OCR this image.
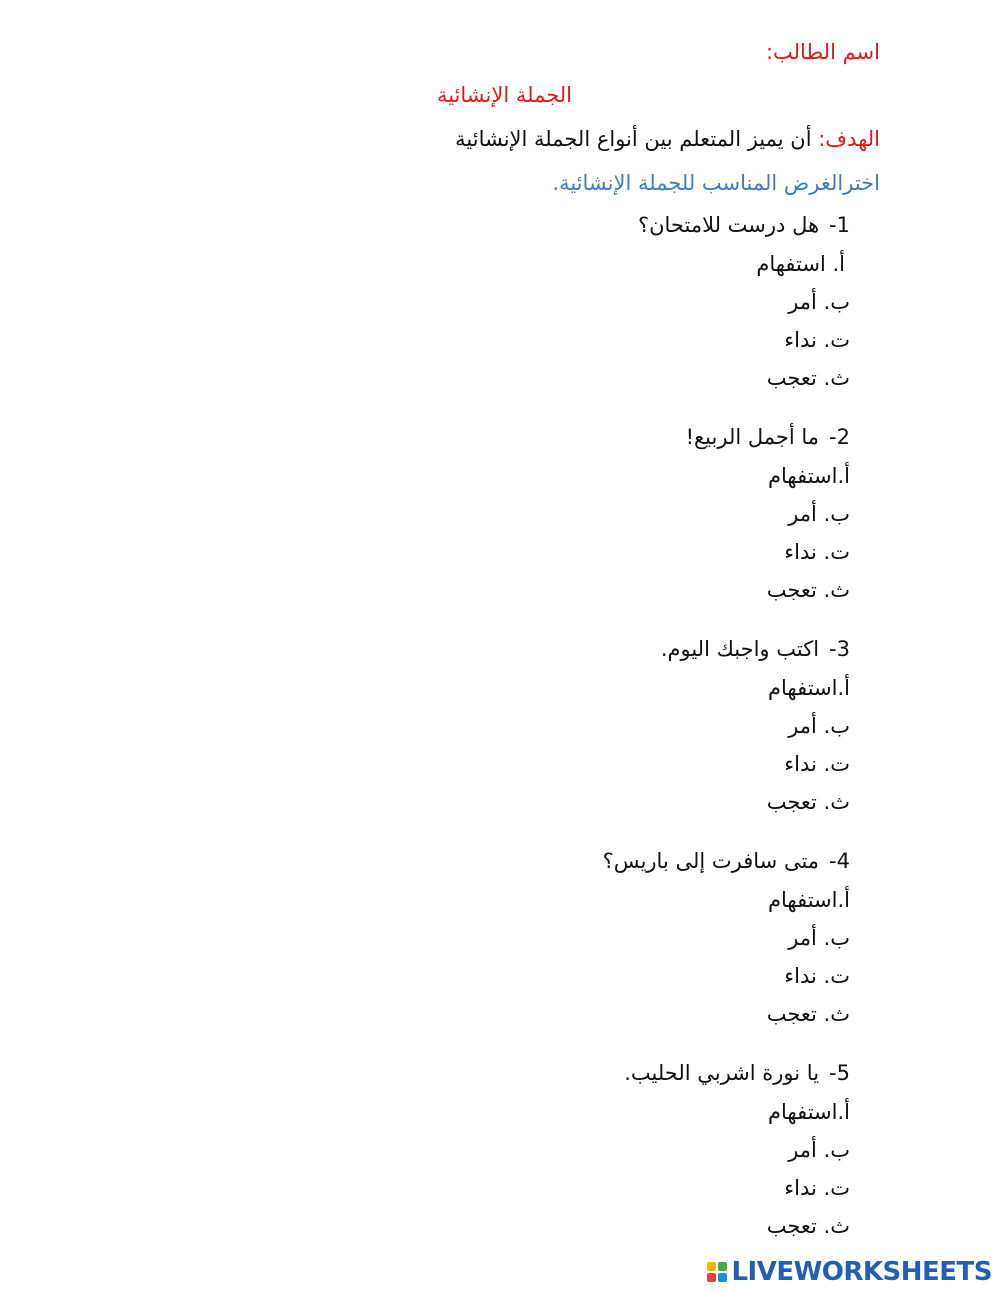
اسم الطالب:
الجملة الإنشائية
الهدف: أن يميز المتعلم بين أنواع الجملة الإنشائية
اخترالغرض المناسب للجملة الإنشائية.
1-هل درست للامتحان؟
أ. استفهام
ب. أمر
ت. نداء
ث. تعجب
2-ما أجمل الربيع!
أ.استفهام
ب. أمر
ت. نداء
ث. تعجب
3-اكتب واجبك اليوم.
أ.استفهام
ب. أمر
ت. نداء
ث. تعجب
4-متى سافرت إلى باريس؟
أ.استفهام
ب. أمر
ت. نداء
ث. تعجب
5-يا نورة اشربي الحليب.
أ.استفهام
ب. أمر
ت. نداء
ث. تعجب
LIVEWORKSHEETS
